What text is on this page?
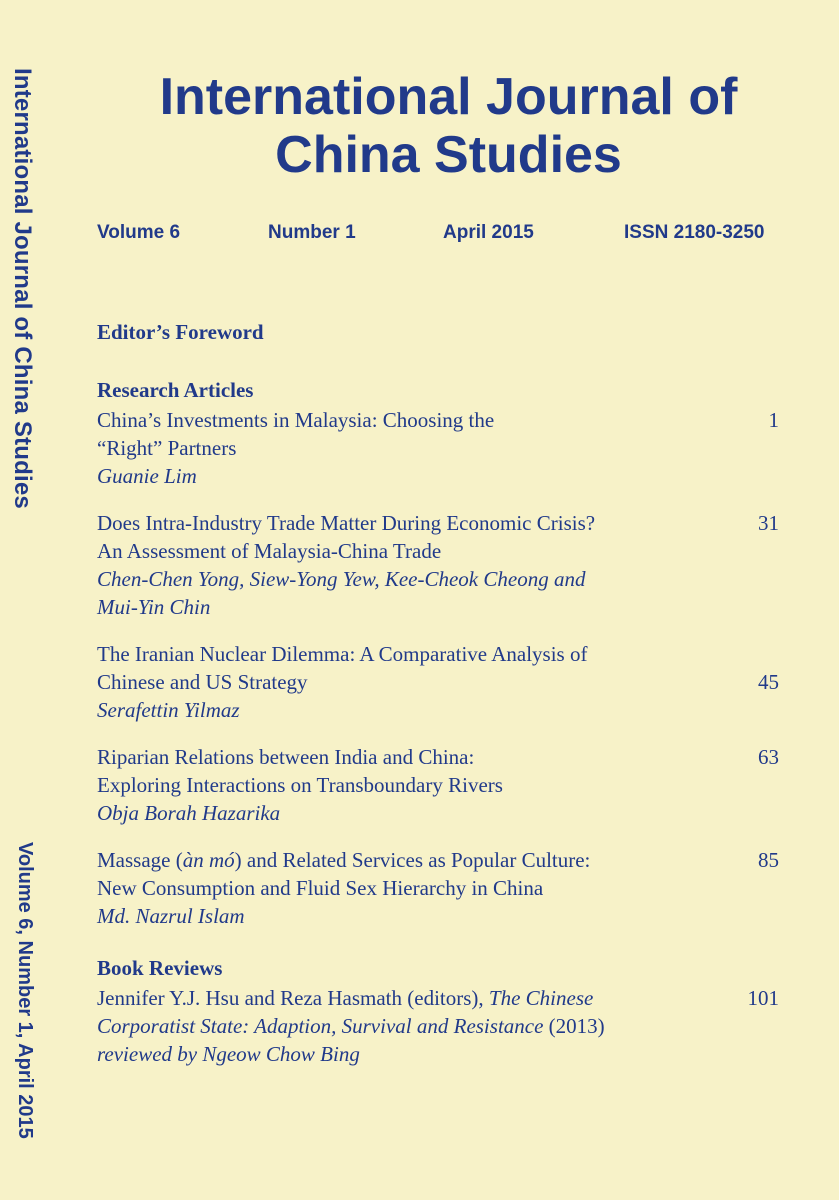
International Journal of China Studies
Volume 6, Number 1, April 2015
International Journal of
China Studies
Volume 6	Number 1	April 2015	ISSN 2180-3250
Editor’s Foreword
Research Articles
China’s Investments in Malaysia: Choosing the
“Right” Partners
1
Guanie Lim
Does Intra-Industry Trade Matter During Economic Crisis?
An Assessment of Malaysia-China Trade
31
Chen-Chen Yong, Siew-Yong Yew, Kee-Cheok Cheong and
Mui-Yin Chin
The Iranian Nuclear Dilemma: A Comparative Analysis of
Chinese and US Strategy	45
Serafettin Yilmaz
Riparian Relations between India and China:
Exploring Interactions on Transboundary Rivers
63
Obja Borah Hazarika
Massage (àn mó) and Related Services as Popular Culture:
New Consumption and Fluid Sex Hierarchy in China
85
Md. Nazrul Islam
Book Reviews
Jennifer Y.J. Hsu and Reza Hasmath (editors), The Chinese
Corporatist State: Adaption, Survival and Resistance (2013)
reviewed by Ngeow Chow Bing
101
